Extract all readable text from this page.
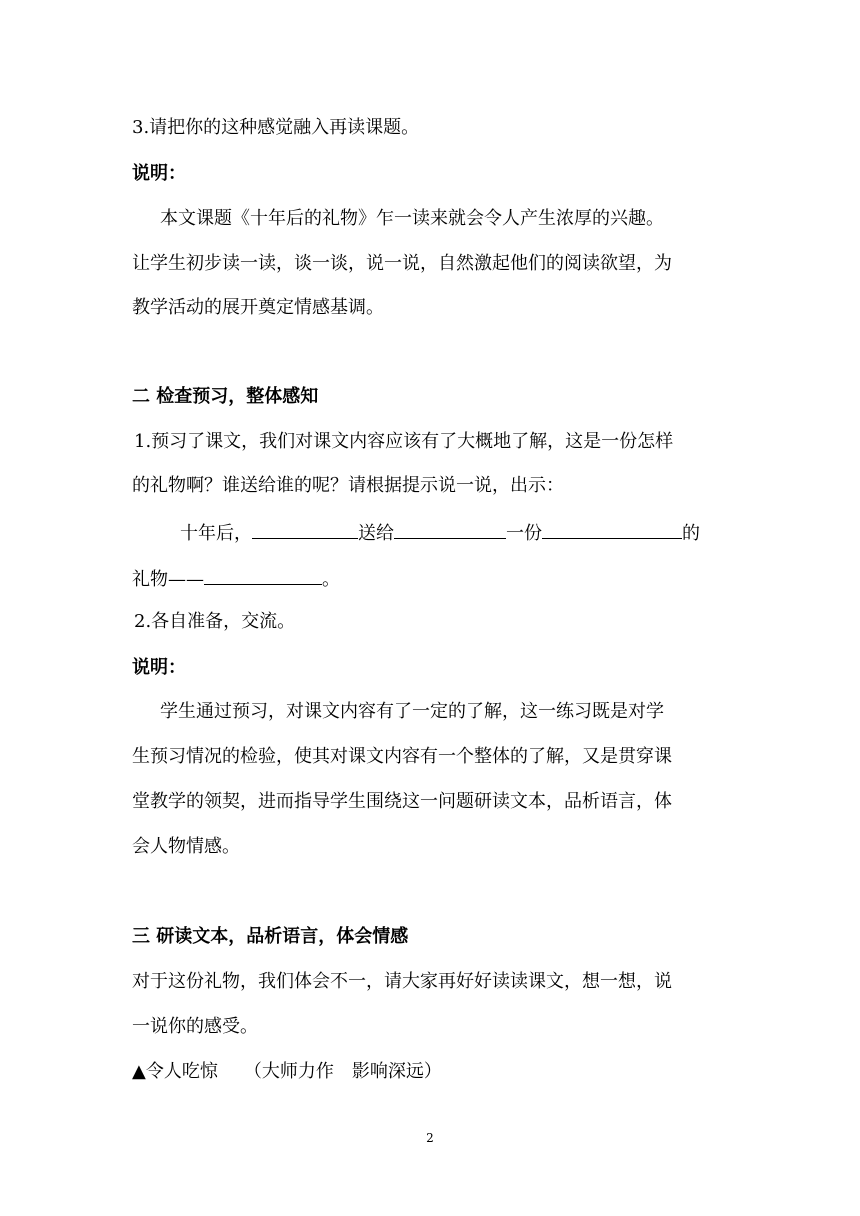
3.请把你的这种感觉融入再读课题。
说明：
本文课题《十年后的礼物》乍一读来就会令人产生浓厚的兴趣。
让学生初步读一读，谈一谈，说一说，自然激起他们的阅读欲望，为
教学活动的展开奠定情感基调。
二 检查预习，整体感知
1.预习了课文，我们对课文内容应该有了大概地了解，这是一份怎样
的礼物啊？谁送给谁的呢？请根据提示说一说，出示：
十年后，	送给	一份	的
礼物——	。
2.各自准备，交流。
说明：
学生通过预习，对课文内容有了一定的了解，这一练习既是对学
生预习情况的检验，使其对课文内容有一个整体的了解，又是贯穿课
堂教学的领契，进而指导学生围绕这一问题研读文本，品析语言，体
会人物情感。
三 研读文本，品析语言，体会情感
对于这份礼物，我们体会不一，请大家再好好读读课文，想一想，说
一说你的感受。
▲令人吃惊 （大师力作　影响深远）
2
